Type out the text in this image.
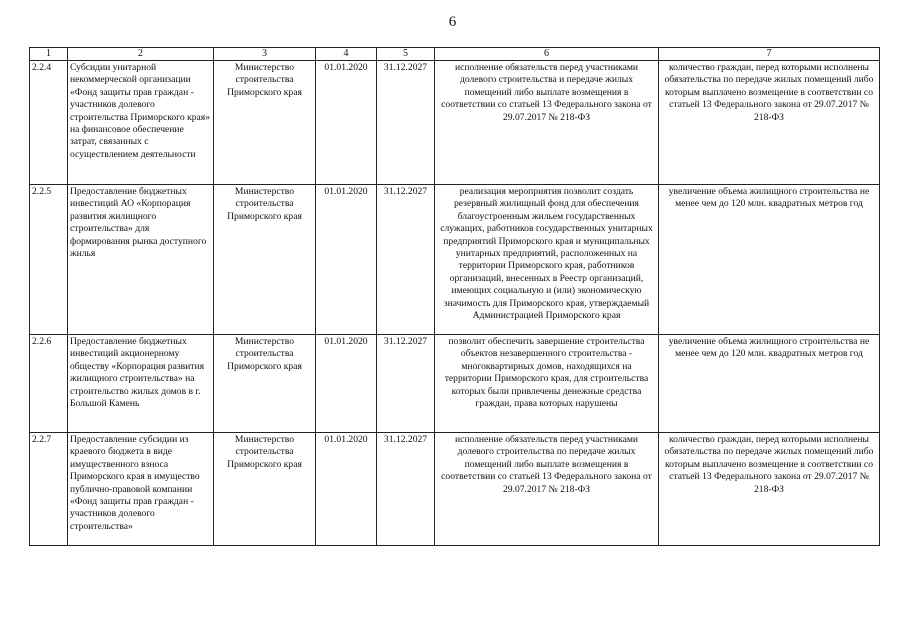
6
1	2	3	4	5	6	7
2.2.4	Субсидии унитарной некоммерческой организации «Фонд защиты прав граждан - участников долевого строительства Приморского края» на финансовое обеспечение затрат, связанных с осуществлением деятельности	Министерство строительства Приморского края	01.01.2020	31.12.2027	исполнение обязательств перед участниками долевого строительства и передаче жилых помещений либо выплате возмещения в соответствии со статьей 13 Федерального закона от 29.07.2017 № 218-ФЗ	количество граждан, перед которыми исполнены обязательства по передаче жилых помещений либо которым выплачено возмещение в соответствии со статьей 13 Федерального закона от 29.07.2017 № 218-ФЗ
2.2.5	Предоставление бюджетных инвестиций АО «Корпорация развития жилищного строительства» для формирования рынка доступного жилья	Министерство строительства Приморского края	01.01.2020	31.12.2027	реализация мероприятия позволит создать резервный жилищный фонд для обеспечения благоустроенным жильем государственных служащих, работников государственных унитарных предприятий Приморского края и муниципальных унитарных предприятий, расположенных на территории Приморского края, работников организаций, внесенных в Реестр организаций, имеющих социальную и (или) экономическую значимость для Приморского края, утверждаемый Администрацией Приморского края	увеличение объема жилищного строительства не менее чем до 120 млн. квадратных метров год
2.2.6	Предоставление бюджетных инвестиций акционерному обществу «Корпорация развития жилищного строительства» на строительство жилых домов в г. Большой Камень	Министерство строительства Приморского края	01.01.2020	31.12.2027	позволит обеспечить завершение строительства объектов незавершенного строительства - многоквартирных домов, находящихся на территории Приморского края, для строительства которых были привлечены денежные средства граждан, права которых нарушены	увеличение объема жилищного строительства не менее чем до 120 млн. квадратных метров год
2.2.7	Предоставление субсидии из краевого бюджета в виде имущественного взноса Приморского края в имущество публично-правовой компании «Фонд защиты прав граждан - участников долевого строительства»	Министерство строительства Приморского края	01.01.2020	31.12.2027	исполнение обязательств перед участниками долевого строительства по передаче жилых помещений либо выплате возмещения в соответствии со статьей 13 Федерального закона от 29.07.2017 № 218-ФЗ	количество граждан, перед которыми исполнены обязательства по передаче жилых помещений либо которым выплачено возмещение в соответствии со статьей 13 Федерального закона от 29.07.2017 № 218-ФЗ
